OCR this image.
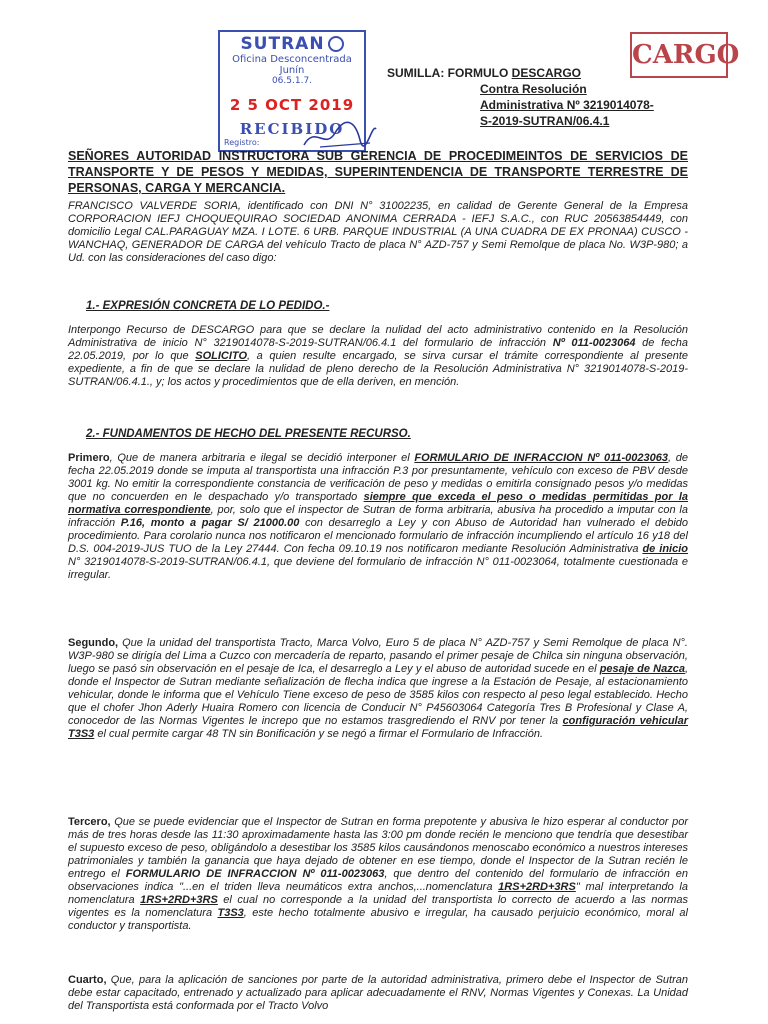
SUTRAN
Oficina Desconcentrada
Junín
06.5.1.7.
2 5 OCT 2019
RECIBIDO
Registro:
CARGO
SUMILLA: FORMULO DESCARGO
Contra Resolución
Administrativa Nº 3219014078-
S-2019-SUTRAN/06.4.1
SEÑORES AUTORIDAD INSTRUCTORA SUB GERENCIA DE PROCEDIMEINTOS DE SERVICIOS DE TRANSPORTE Y DE PESOS Y MEDIDAS, SUPERINTENDENCIA DE TRANSPORTE TERRESTRE DE PERSONAS, CARGA Y MERCANCIA.
FRANCISCO VALVERDE SORIA, identificado con DNI N° 31002235, en calidad de Gerente General de la Empresa CORPORACION IEFJ CHOQUEQUIRAO SOCIEDAD ANONIMA CERRADA - IEFJ S.A.C., con RUC 20563854449, con domicilio Legal CAL.PARAGUAY MZA. I LOTE. 6 URB. PARQUE INDUSTRIAL (A UNA CUADRA DE EX PRONAA) CUSCO - WANCHAQ, GENERADOR DE CARGA del vehículo Tracto de placa N° AZD-757 y Semi Remolque de placa No. W3P-980; a Ud. con las consideraciones del caso digo:
1.- EXPRESIÓN CONCRETA DE LO PEDIDO.-
Interpongo Recurso de DESCARGO para que se declare la nulidad del acto administrativo contenido en la Resolución Administrativa de inicio N° 3219014078-S-2019-SUTRAN/06.4.1 del formulario de infracción Nº 011-0023064 de fecha 22.05.2019, por lo que SOLICITO, a quien resulte encargado, se sirva cursar el trámite correspondiente al presente expediente, a fin de que se declare la nulidad de pleno derecho de la Resolución Administrativa N° 3219014078-S-2019-SUTRAN/06.4.1., y; los actos y procedimientos que de ella deriven, en mención.
2.- FUNDAMENTOS DE HECHO DEL PRESENTE RECURSO.
Primero, Que de manera arbitraria e ilegal se decidió interponer el FORMULARIO DE INFRACCION Nº 011-0023063, de fecha 22.05.2019 donde se imputa al transportista una infracción P.3 por presuntamente, vehículo con exceso de PBV desde 3001 kg. No emitir la correspondiente constancia de verificación de peso y medidas o emitirla consignado pesos y/o medidas que no concuerden en le despachado y/o transportado siempre que exceda el peso o medidas permitidas por la normativa correspondiente, por, solo que el inspector de Sutran de forma arbitraria, abusiva ha procedido a imputar con la infracción P.16, monto a pagar S/ 21000.00 con desarreglo a Ley y con Abuso de Autoridad han vulnerado el debido procedimiento. Para corolario nunca nos notificaron el mencionado formulario de infracción incumpliendo el artículo 16 y18 del D.S. 004-2019-JUS TUO de la Ley 27444. Con fecha 09.10.19 nos notificaron mediante Resolución Administrativa de inicio N° 3219014078-S-2019-SUTRAN/06.4.1, que deviene del formulario de infracción N° 011-0023064, totalmente cuestionada e irregular.
Segundo, Que la unidad del transportista Tracto, Marca Volvo, Euro 5 de placa N° AZD-757 y Semi Remolque de placa N°. W3P-980 se dirigía del Lima a Cuzco con mercadería de reparto, pasando el primer pesaje de Chilca sin ninguna observación, luego se pasó sin observación en el pesaje de Ica, el desarreglo a Ley y el abuso de autoridad sucede en el pesaje de Nazca, donde el Inspector de Sutran mediante señalización de flecha indica que ingrese a la Estación de Pesaje, al estacionamiento vehicular, donde le informa que el Vehículo Tiene exceso de peso de 3585 kilos con respecto al peso legal establecido. Hecho que el chofer Jhon Aderly Huaira Romero con licencia de Conducir N° P45603064 Categoría Tres B Profesional y Clase A, conocedor de las Normas Vigentes le increpo que no estamos trasgrediendo el RNV por tener la configuración vehicular T3S3 el cual permite cargar 48 TN sin Bonificación y se negó a firmar el Formulario de Infracción.
Tercero, Que se puede evidenciar que el Inspector de Sutran en forma prepotente y abusiva le hizo esperar al conductor por más de tres horas desde las 11:30 aproximadamente hasta las 3:00 pm donde recién le menciono que tendría que desestibar el supuesto exceso de peso, obligándolo a desestibar los 3585 kilos causándonos menoscabo económico a nuestros intereses patrimoniales y también la ganancia que haya dejado de obtener en ese tiempo, donde el Inspector de la Sutran recién le entrego el FORMULARIO DE INFRACCION Nº 011-0023063, que dentro del contenido del formulario de infracción en observaciones indica "...en el triden lleva neumáticos extra anchos,...nomenclatura 1RS+2RD+3RS" mal interpretando la nomenclatura 1RS+2RD+3RS el cual no corresponde a la unidad del transportista lo correcto de acuerdo a las normas vigentes es la nomenclatura T3S3, este hecho totalmente abusivo e irregular, ha causado perjuicio económico, moral al conductor y transportista.
Cuarto, Que, para la aplicación de sanciones por parte de la autoridad administrativa, primero debe el Inspector de Sutran debe estar capacitado, entrenado y actualizado para aplicar adecuadamente el RNV, Normas Vigentes y Conexas. La Unidad del Transportista está conformada por el Tracto Volvo
